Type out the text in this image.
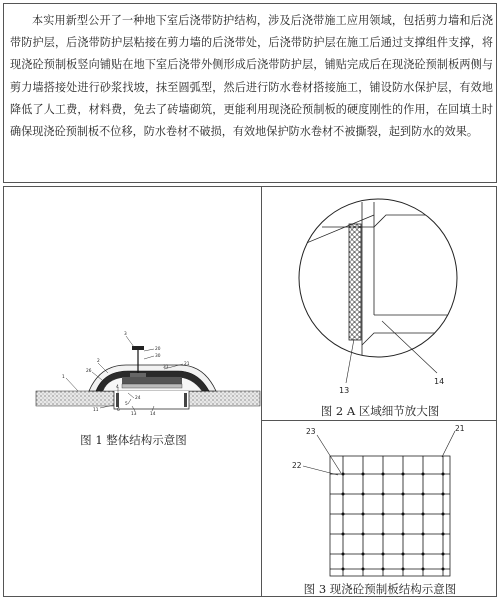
本实用新型公开了一种地下室后浇带防护结构，涉及后浇带施工应用领域，包括剪力墙和后浇带防护层，后浇带防护层粘接在剪力墙的后浇带处，后浇带防护层在施工后通过支撑组件支撑，将现浇砼预制板竖向铺贴在地下室后浇带外侧形成后浇带防护层，铺贴完成后在现浇砼预制板两侧与剪力墙搭接处进行砂浆找坡，抹至圆弧型，然后进行防水卷材搭接施工，铺设防水保护层，有效地降低了人工费，材料费，免去了砖墙砌筑，更能利用现浇砼预制板的硬度刚性的作用，在回填土时确保现浇砼预制板不位移，防水卷材不破损，有效地保护防水卷材不被撕裂，起到防水的效果。

1
2
26
3
20
30
31
21
4
24
5
11	6
13	14
图 1 整体结构示意图
13
14
图 2 A 区域细节放大图
23	21
22
图 3 现浇砼预制板结构示意图
